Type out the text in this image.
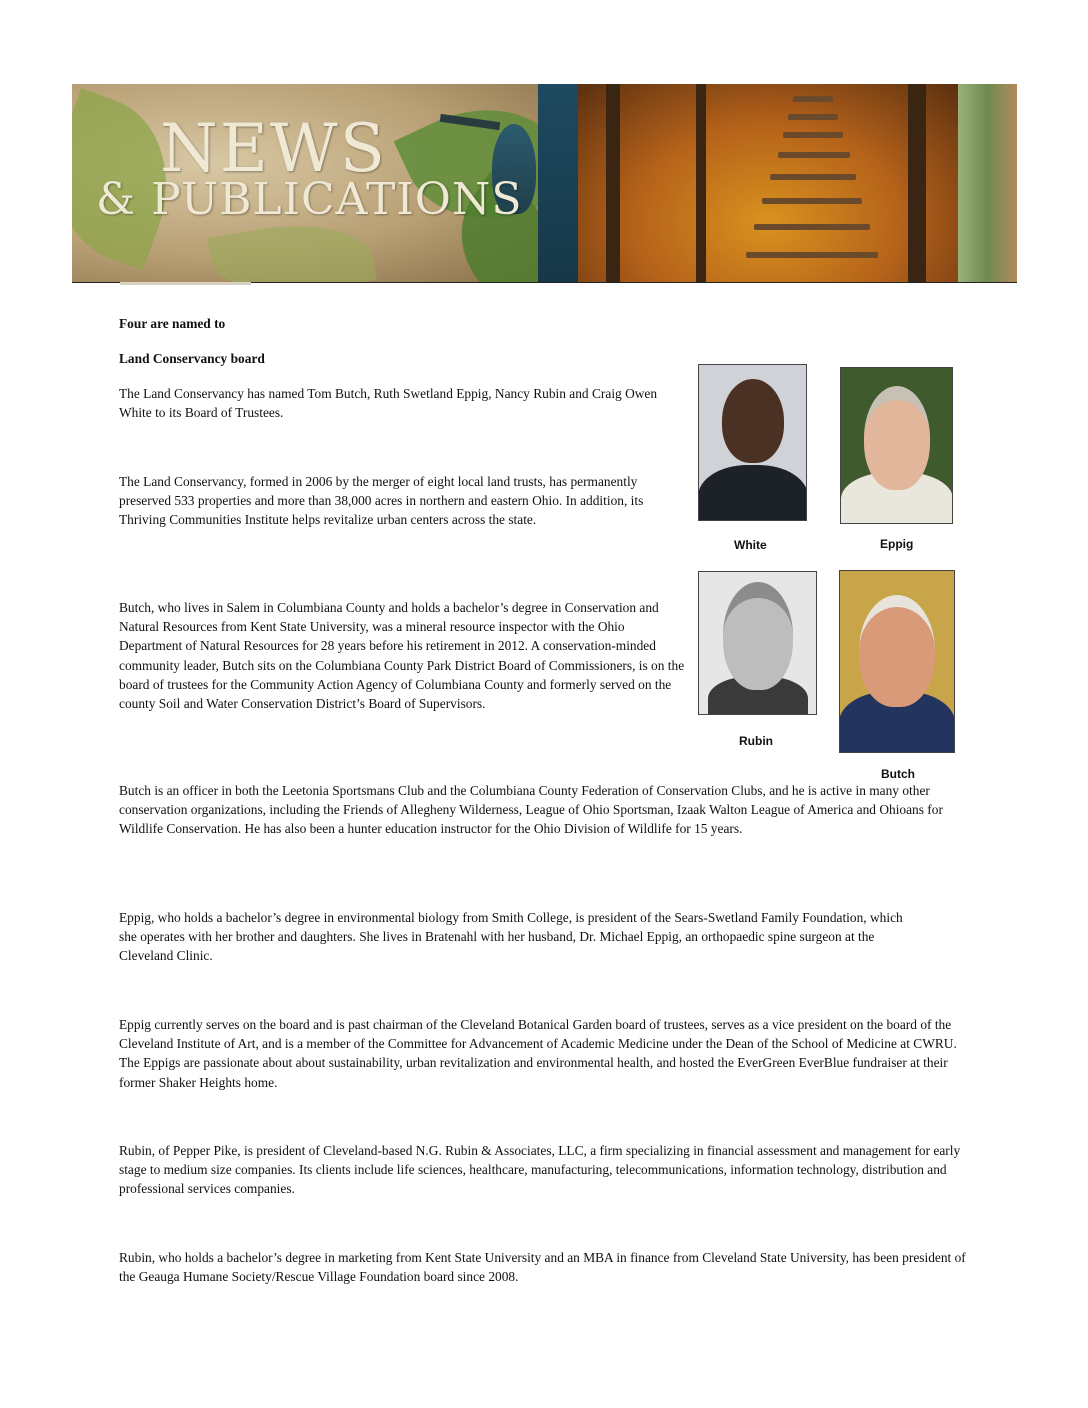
NEWS
& PUBLICATIONS
Four are named to
Land Conservancy board
The Land Conservancy has named Tom Butch, Ruth Swetland Eppig, Nancy Rubin and Craig Owen White to its Board of Trustees.
The Land Conservancy, formed in 2006 by the merger of eight local land trusts, has permanently preserved 533 properties and more than 38,000 acres in northern and eastern Ohio. In addition, its Thriving Communities Institute helps revitalize urban centers across the state.
Butch, who lives in Salem in Columbiana County and holds a bachelor’s degree in Conservation and Natural Resources from Kent State University, was a mineral resource inspector with the Ohio Department of Natural Resources for 28 years before his retirement in 2012. A conservation-minded community leader, Butch sits on the Columbiana County Park District Board of Commissioners, is on the board of trustees for the Community Action Agency of Columbiana County and formerly served on the county Soil and Water Conservation District’s Board of Supervisors.
Butch is an officer in both the Leetonia Sportsmans Club and the Columbiana County Federation of Conservation Clubs, and he is active in many other conservation organizations, including the Friends of Allegheny Wilderness, League of Ohio Sportsman, Izaak Walton League of America and Ohioans for Wildlife Conservation. He has also been a hunter education instructor for the Ohio Division of Wildlife for 15 years.
Eppig, who holds a bachelor’s degree in environmental biology from Smith College, is president of the Sears-Swetland Family Foundation, which she operates with her brother and daughters. She lives in Bratenahl with her husband, Dr. Michael Eppig, an orthopaedic spine surgeon at the Cleveland Clinic.
Eppig currently serves on the board and is past chairman of the Cleveland Botanical Garden board of trustees, serves as a vice president on the board of the Cleveland Institute of Art, and is a member of the Committee for Advancement of Academic Medicine under the Dean of the School of Medicine at CWRU. The Eppigs are passionate about about sustainability, urban revitalization and environmental health, and hosted the EverGreen EverBlue fundraiser at their former Shaker Heights home.
Rubin, of Pepper Pike, is president of Cleveland-based N.G. Rubin & Associates, LLC, a firm specializing in financial assessment and management for early stage to medium size companies. Its clients include life sciences, healthcare, manufacturing, telecommunications, information technology, distribution and professional services companies.
Rubin, who holds a bachelor’s degree in marketing from Kent State University and an MBA in finance from Cleveland State University, has been president of the Geauga Humane Society/Rescue Village Foundation board since 2008.
White	Eppig
Rubin
Butch
